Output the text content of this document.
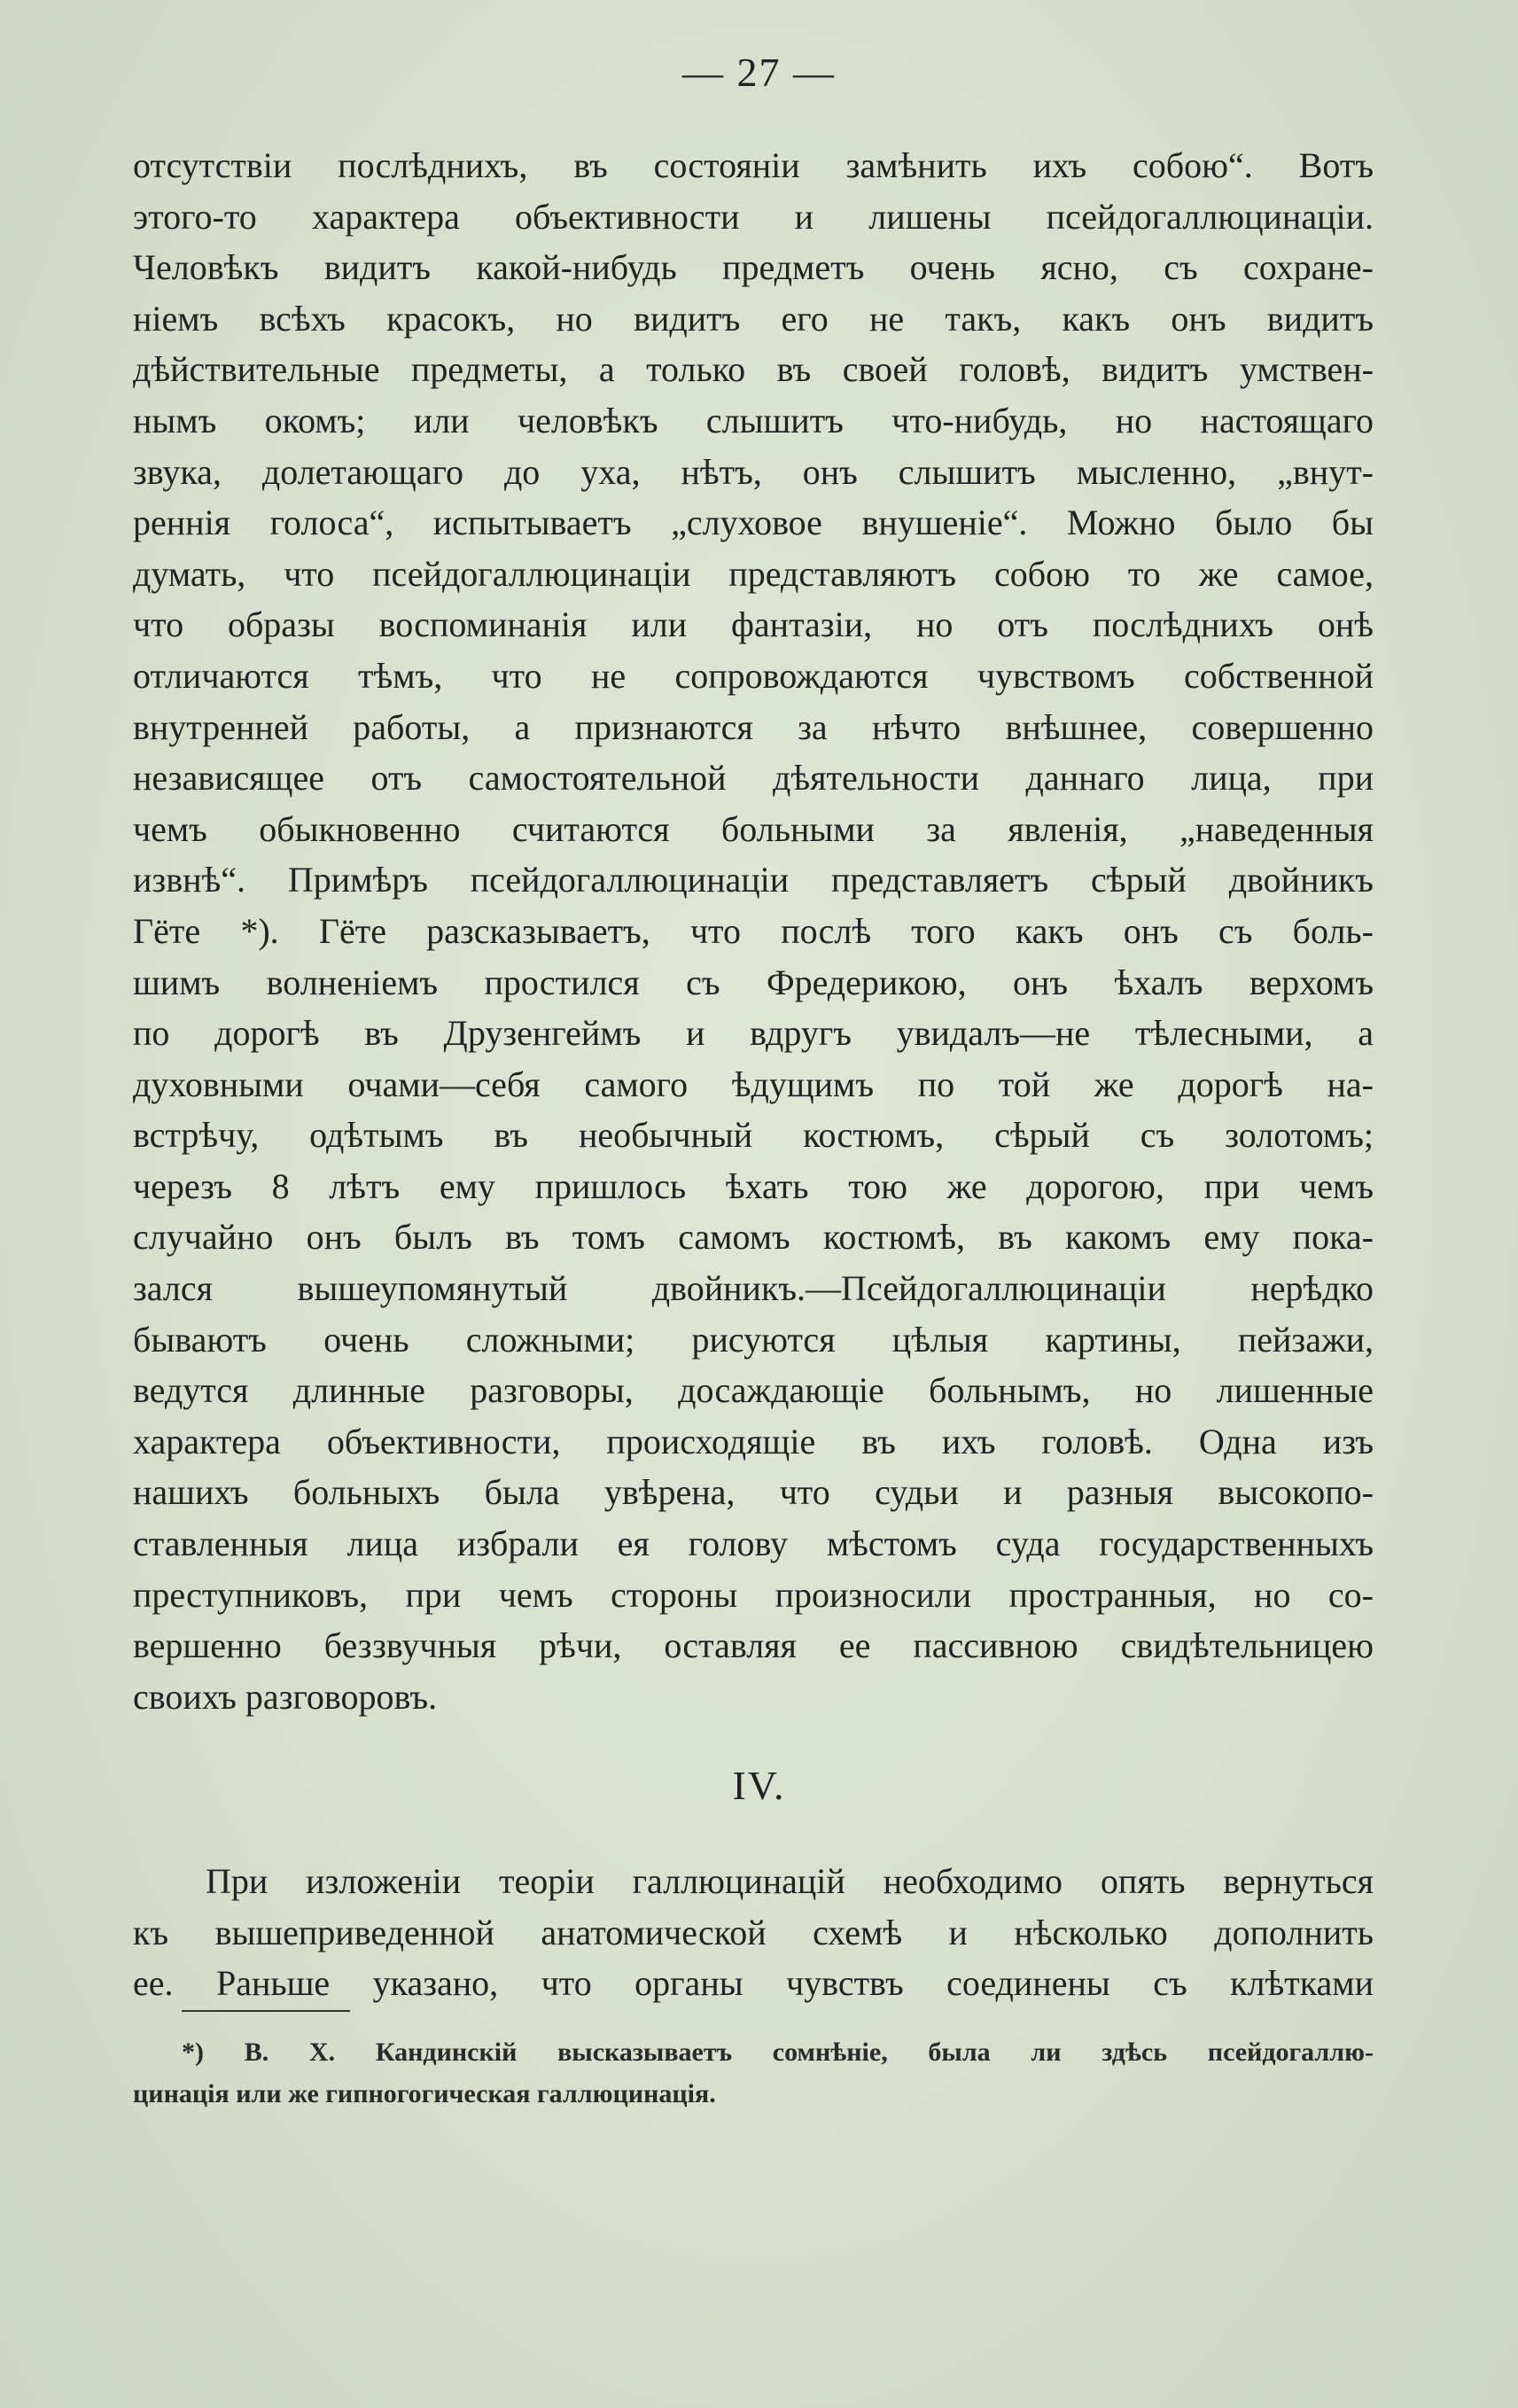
— 27 —
отсутствіи послѣднихъ, въ состояніи замѣнить ихъ собою“. Вотъ
этого-то характера объективности и лишены псейдогаллюцинаціи.
Человѣкъ видитъ какой-нибудь предметъ очень ясно, съ сохране-
ніемъ всѣхъ красокъ, но видитъ его не такъ, какъ онъ видитъ
дѣйствительные предметы, а только въ своей головѣ, видитъ умствен-
нымъ окомъ; или человѣкъ слышитъ что-нибудь, но настоящаго
звука, долетающаго до уха, нѣтъ, онъ слышитъ мысленно, „внут-
реннія голоса“, испытываетъ „слуховое внушеніе“. Можно было бы
думать, что псейдогаллюцинаціи представляютъ собою то же самое,
что образы воспоминанія или фантазіи, но отъ послѣднихъ онѣ
отличаются тѣмъ, что не сопровождаются чувствомъ собственной
внутренней работы, а признаются за нѣчто внѣшнее, совершенно
независящее отъ самостоятельной дѣятельности даннаго лица, при
чемъ обыкновенно считаются больными за явленія, „наведенныя
извнѣ“. Примѣръ псейдогаллюцинаціи представляетъ сѣрый двойникъ
Гёте *). Гёте разсказываетъ, что послѣ того какъ онъ съ боль-
шимъ волненіемъ простился съ Фредерикою, онъ ѣхалъ верхомъ
по дорогѣ въ Друзенгеймъ и вдругъ увидалъ—не тѣлесными, а
духовными очами—себя самого ѣдущимъ по той же дорогѣ на-
встрѣчу, одѣтымъ въ необычный костюмъ, сѣрый съ золотомъ;
черезъ 8 лѣтъ ему пришлось ѣхать тою же дорогою, при чемъ
случайно онъ былъ въ томъ самомъ костюмѣ, въ какомъ ему пока-
зался вышеупомянутый двойникъ.—Псейдогаллюцинаціи нерѣдко
бываютъ очень сложными; рисуются цѣлыя картины, пейзажи,
ведутся длинные разговоры, досаждающіе больнымъ, но лишенные
характера объективности, происходящіе въ ихъ головѣ. Одна изъ
нашихъ больныхъ была увѣрена, что судьи и разныя высокопо-
ставленныя лица избрали ея голову мѣстомъ суда государственныхъ
преступниковъ, при чемъ стороны произносили пространныя, но со-
вершенно беззвучныя рѣчи, оставляя ее пассивною свидѣтельницею
своихъ разговоровъ.
IV.
При изложеніи теоріи галлюцинацій необходимо опять вернуться
къ вышеприведенной анатомической схемѣ и нѣсколько дополнить
ее. Раньше указано, что органы чувствъ соединены съ клѣтками
*) В. Х. Кандинскій высказываетъ сомнѣніе, была ли здѣсь псейдогаллю-
цинація или же гипногогическая галлюцинація.
